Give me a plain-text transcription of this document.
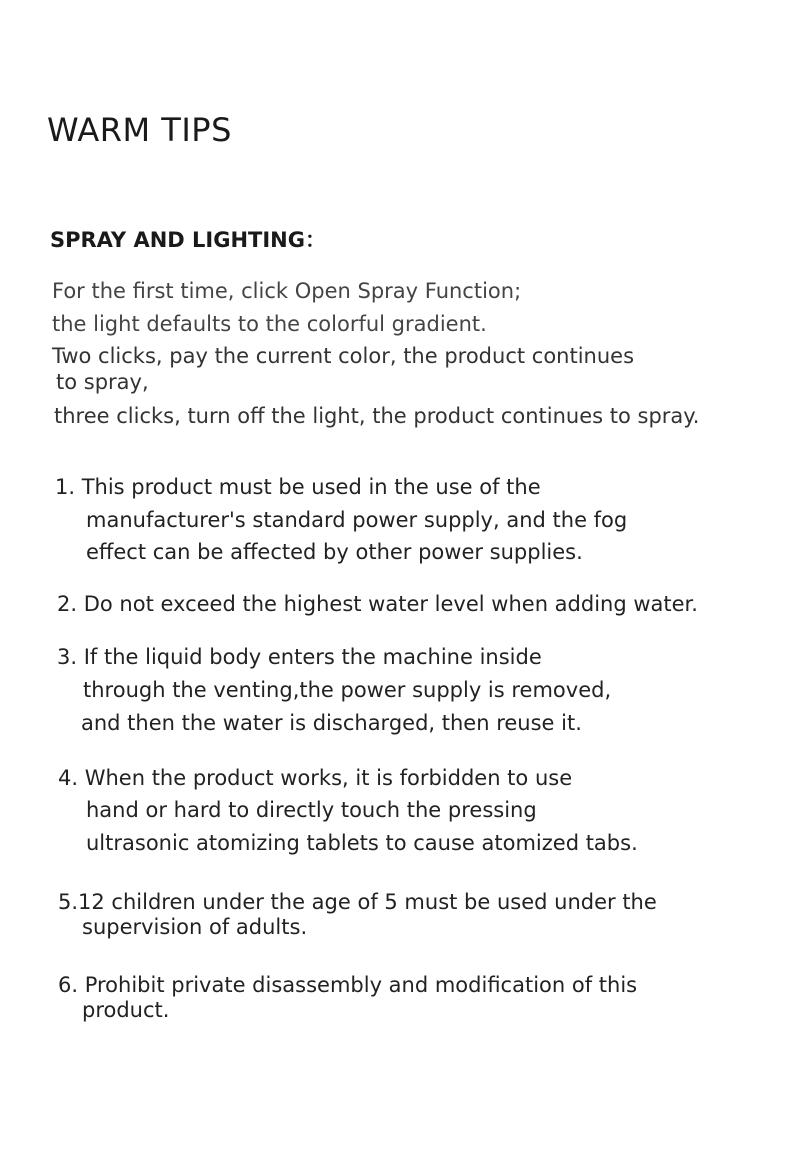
WARM TIPS
SPRAY AND LIGHTING：
For the first time, click Open Spray Function;
the light defaults to the colorful gradient.
Two clicks, pay the current color, the product continues
to spray,
three clicks, turn off the light, the product continues to spray.
1. This product must be used in the use of the
manufacturer's standard power supply, and the fog
effect can be affected by other power supplies.
2. Do not exceed the highest water level when adding water.
3. If the liquid body enters the machine inside
through the venting,the power supply is removed,
and then the water is discharged, then reuse it.
4. When the product works, it is forbidden to use
hand or hard to directly touch the pressing
ultrasonic atomizing tablets to cause atomized tabs.
5.12 children under the age of 5 must be used under the
supervision of adults.
6. Prohibit private disassembly and modification of this
product.
